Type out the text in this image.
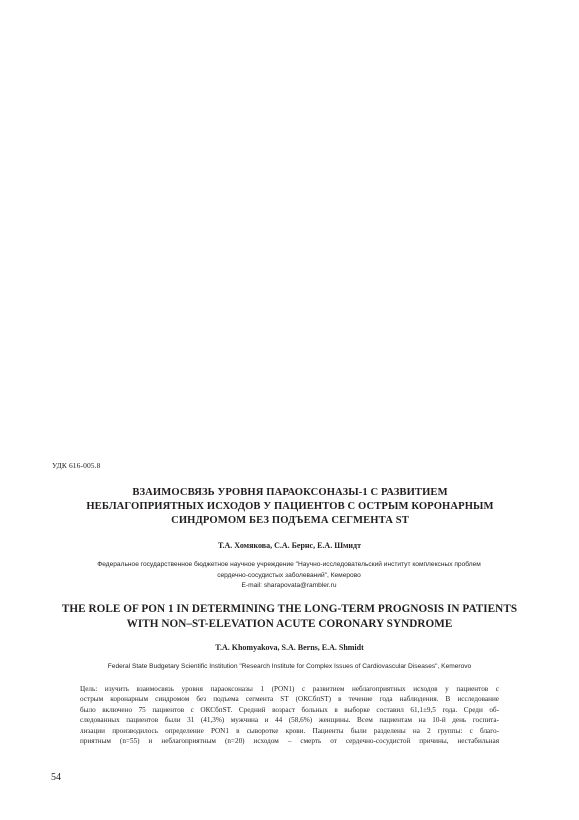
УДК 616-005.8
ВЗАИМОСВЯЗЬ УРОВНЯ ПАРАОКСОНАЗЫ-1 С РАЗВИТИЕМ
НЕБЛАГОПРИЯТНЫХ ИСХОДОВ У ПАЦИЕНТОВ С ОСТРЫМ КОРОНАРНЫМ
СИНДРОМОМ БЕЗ ПОДЪЕМА СЕГМЕНТА ST
Т.А. Хомякова, С.А. Бернс, Е.А. Шмидт
Федеральное государственное бюджетное научное учреждение "Научно-исследовательский институт комплексных проблем
сердечно-сосудистых заболеваний", Кемерово
E-mail: sharapovata@rambler.ru
THE ROLE OF PON 1 IN DETERMINING THE LONG-TERM PROGNOSIS IN PATIENTS
WITH NON–ST-ELEVATION ACUTE CORONARY SYNDROME
T.A. Khomyakova, S.A. Berns, E.A. Shmidt
Federal State Budgetary Scientific Institution "Research Institute for Complex Issues of Cardiovascular Diseases", Kemerovo
Цель: изучить взаимосвязь уровня параоксоназы 1 (PON1) с развитием неблагоприятных исходов у пациентов с
острым коронарным синдромом без подъема сегмента ST (ОКСбпST) в течение года наблюдения. В исследование
было включено 75 пациентов с ОКСбпST. Средний возраст больных в выборке составил 61,1±9,5 года. Среди об-
следованных пациентов были 31 (41,3%) мужчина и 44 (58,6%) женщины. Всем пациентам на 10-й день госпита-
лизации производилось определение PON1 в сыворотке крови. Пациенты были разделены на 2 группы: с благо-
приятным (n=55) и неблагоприятным (n=20) исходом – смерть от сердечно-сосудистой причины, нестабильная
54
